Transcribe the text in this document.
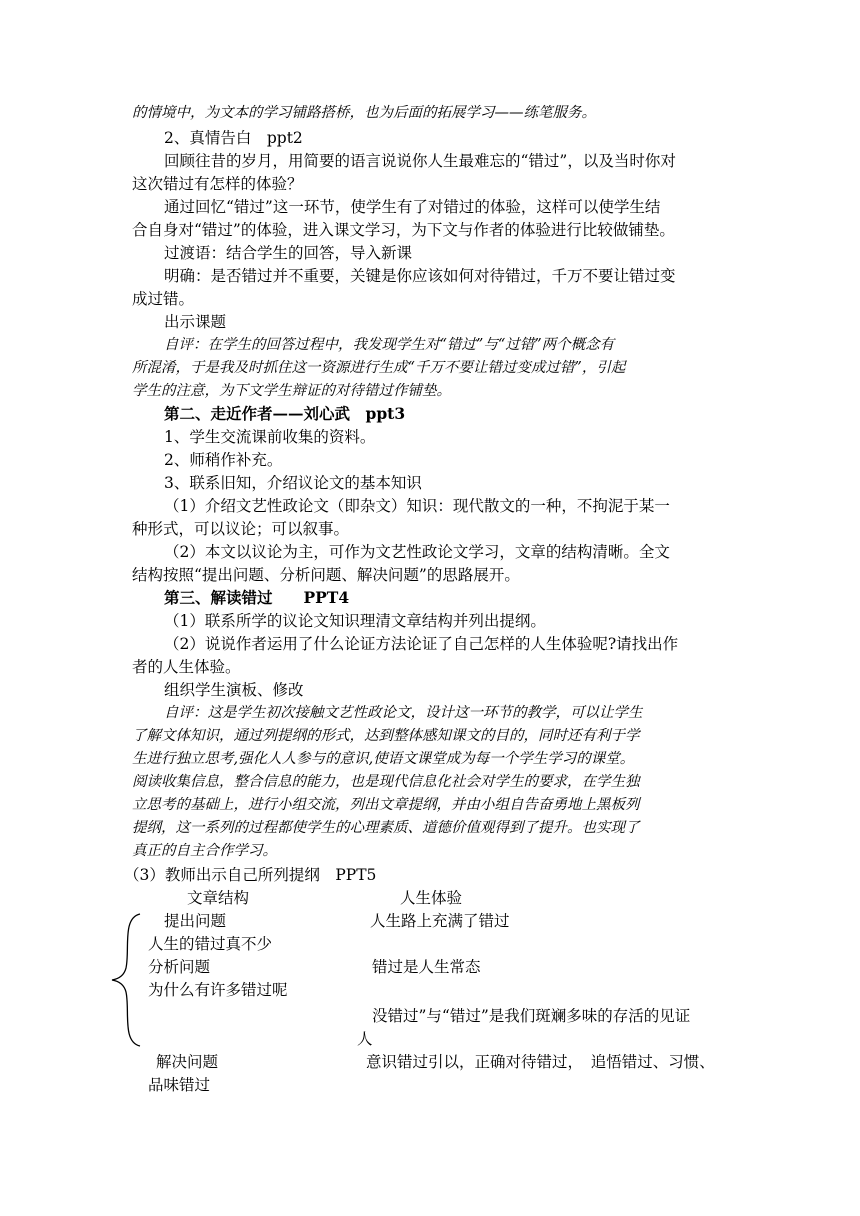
的情境中，为文本的学习铺路搭桥，也为后面的拓展学习——练笔服务。
2、真情告白　ppt2
回顾往昔的岁月，用简要的语言说说你人生最难忘的“错过”，以及当时你对
这次错过有怎样的体验？
通过回忆“错过”这一环节，使学生有了对错过的体验，这样可以使学生结
合自身对“错过”的体验，进入课文学习，为下文与作者的体验进行比较做铺垫。
过渡语：结合学生的回答，导入新课
明确：是否错过并不重要，关键是你应该如何对待错过，千万不要让错过变
成过错。
出示课题
自评：在学生的回答过程中，我发现学生对“错过”与“过错”两个概念有
所混淆，于是我及时抓住这一资源进行生成“千万不要让错过变成过错”，引起
学生的注意，为下文学生辩证的对待错过作铺垫。
第二、走近作者——刘心武　ppt3
1、学生交流课前收集的资料。
2、师稍作补充。
3、联系旧知，介绍议论文的基本知识
（1）介绍文艺性政论文（即杂文）知识：现代散文的一种，不拘泥于某一
种形式，可以议论；可以叙事。
（2）本文以议论为主，可作为文艺性政论文学习，文章的结构清晰。全文
结构按照“提出问题、分析问题、解决问题”的思路展开。
第三、解读错过　　PPT4
（1）联系所学的议论文知识理清文章结构并列出提纲。
（2）说说作者运用了什么论证方法论证了自己怎样的人生体验呢?请找出作
者的人生体验。
组织学生演板、修改
自评：这是学生初次接触文艺性政论文，设计这一环节的教学，可以让学生
了解文体知识，通过列提纲的形式，达到整体感知课文的目的，同时还有利于学
生进行独立思考,强化人人参与的意识,使语文课堂成为每一个学生学习的课堂。
阅读收集信息，整合信息的能力，也是现代信息化社会对学生的要求，在学生独
立思考的基础上，进行小组交流，列出文章提纲，并由小组自告奋勇地上黑板列
提纲，这一系列的过程都使学生的心理素质、道德价值观得到了提升。也实现了
真正的自主合作学习。
（3）教师出示自己所列提纲　PPT5
文章结构	人生体验
提出问题	人生路上充满了错过
人生的错过真不少
分析问题	错过是人生常态
为什么有许多错过呢
没错过”与“错过”是我们斑斓多味的存活的见证
人
解决问题	意识错过引以，正确对待错过，　追悟错过、习惯、
品味错过
